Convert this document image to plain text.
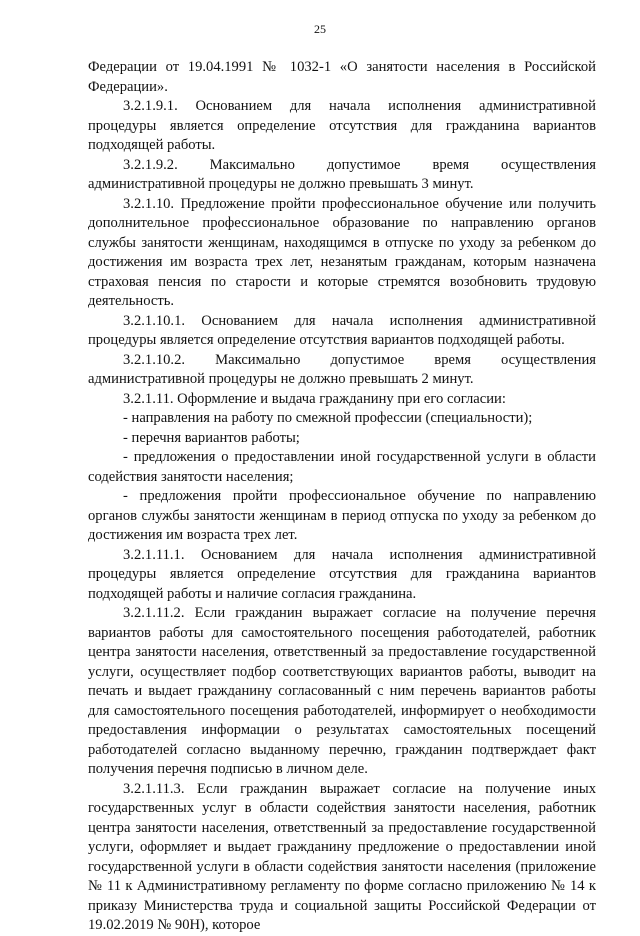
25

Федерации от 19.04.1991 № 1032-1 «О занятости населения в Российской Федерации».

3.2.1.9.1. Основанием для начала исполнения административной процедуры является определение отсутствия для гражданина вариантов подходящей работы.

3.2.1.9.2. Максимально допустимое время осуществления административной процедуры не должно превышать 3 минут.

3.2.1.10. Предложение пройти профессиональное обучение или получить дополнительное профессиональное образование по направлению органов службы занятости женщинам, находящимся в отпуске по уходу за ребенком до достижения им возраста трех лет, незанятым гражданам, которым назначена страховая пенсия по старости и которые стремятся возобновить трудовую деятельность.

3.2.1.10.1. Основанием для начала исполнения административной процедуры является определение отсутствия вариантов подходящей работы.

3.2.1.10.2. Максимально допустимое время осуществления административной процедуры не должно превышать 2 минут.

3.2.1.11. Оформление и выдача гражданину при его согласии:

- направления на работу по смежной профессии (специальности);

- перечня вариантов работы;

- предложения о предоставлении иной государственной услуги в области содействия занятости населения;

- предложения пройти профессиональное обучение по направлению органов службы занятости женщинам в период отпуска по уходу за ребенком до достижения им возраста трех лет.

3.2.1.11.1. Основанием для начала исполнения административной процедуры является определение отсутствия для гражданина вариантов подходящей работы и наличие согласия гражданина.

3.2.1.11.2. Если гражданин выражает согласие на получение перечня вариантов работы для самостоятельного посещения работодателей, работник центра занятости населения, ответственный за предоставление государственной услуги, осуществляет подбор соответствующих вариантов работы, выводит на печать и выдает гражданину согласованный с ним перечень вариантов работы для самостоятельного посещения работодателей, информирует о необходимости предоставления информации о результатах самостоятельных посещений работодателей согласно выданному перечню, гражданин подтверждает факт получения перечня подписью в личном деле.

3.2.1.11.3. Если гражданин выражает согласие на получение иных государственных услуг в области содействия занятости населения, работник центра занятости населения, ответственный за предоставление государственной услуги, оформляет и выдает гражданину предложение о предоставлении иной государственной услуги в области содействия занятости населения (приложение № 11 к Административному регламенту по форме согласно приложению № 14 к приказу Министерства труда и социальной защиты Российской Федерации от 19.02.2019 № 90Н), которое
